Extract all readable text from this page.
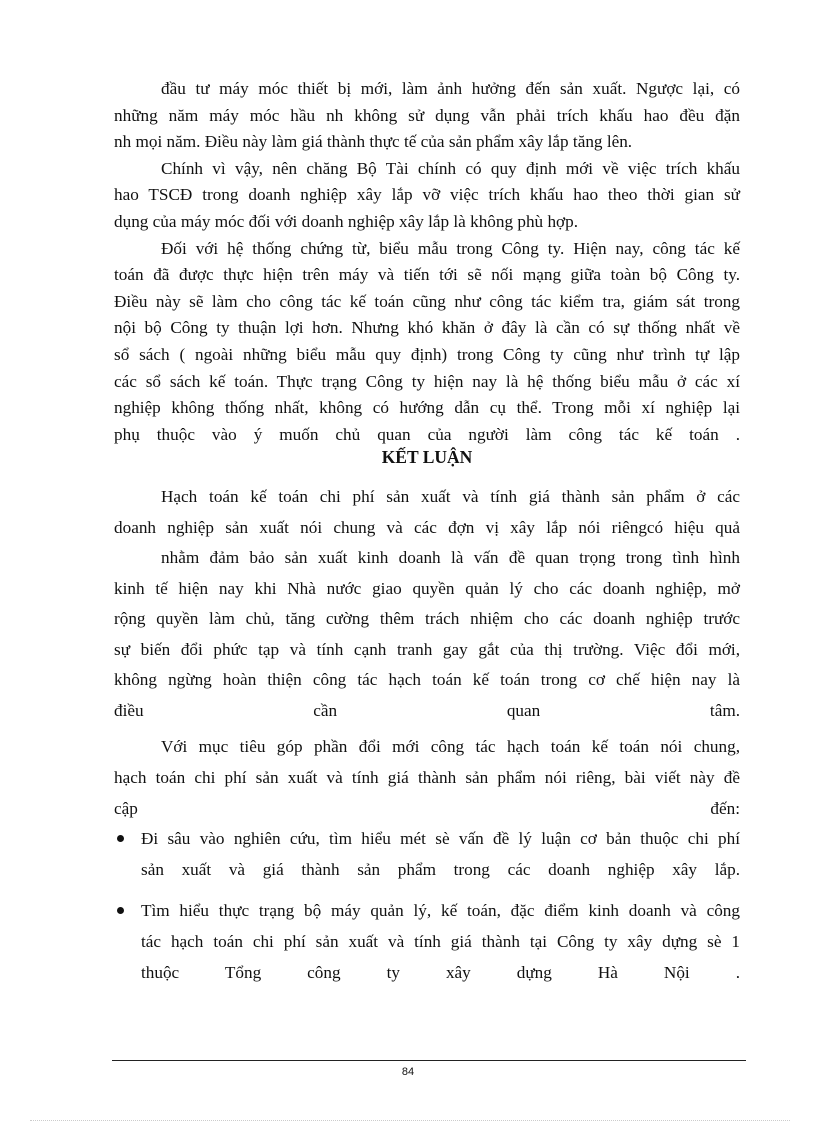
đầu tư máy móc thiết bị mới, làm ảnh hưởng đến sản xuất. Ngược lại, có
những năm máy móc hầu nh không sử dụng vẫn phải trích khấu hao đều đặn
nh mọi năm. Điều này làm giá thành thực tế của sản phẩm xây lắp tăng lên.
Chính vì vậy, nên chăng Bộ Tài chính có quy định mới về việc trích khấu
hao TSCĐ trong doanh nghiệp xây lắp vỡ việc trích khấu hao theo thời gian sử
dụng của máy móc đối với doanh nghiệp xây lắp là không phù hợp.
Đối với hệ thống chứng từ, biểu mẫu trong Công ty. Hiện nay, công tác kế
toán đã được thực hiện trên máy và tiến tới sẽ nối mạng giữa toàn bộ Công ty.
Điều này sẽ làm cho công tác kế toán cũng như công tác kiểm tra, giám sát trong
nội bộ Công ty thuận lợi hơn. Nhưng khó khăn ở đây là cần có sự thống nhất về
sổ sách ( ngoài những biểu mẫu quy định) trong Công ty cũng như trình tự lập
các sổ sách kế toán. Thực trạng Công ty hiện nay là hệ thống biểu mẫu ở các xí
nghiệp không thống nhất, không có hướng dẫn cụ thể. Trong mỗi xí nghiệp lại
phụ thuộc vào ý muốn chủ quan của người làm công tác kế toán .
KẾT LUẬN
Hạch toán kế toán chi phí sản xuất và tính giá thành sản phẩm ở các
doanh nghiệp sản xuất nói chung và các đợn vị xây lắp nói riêngcó hiệu quả
nhằm đảm bảo sản xuất kinh doanh là vấn đề quan trọng trong tình hình
kinh tế hiện nay khi Nhà nước giao quyền quản lý cho các doanh nghiệp, mở
rộng quyền làm chủ, tăng cường thêm trách nhiệm cho các doanh nghiệp trước
sự biến đổi phức tạp và tính cạnh tranh gay gắt của thị trường. Việc đổi mới,
không ngừng hoàn thiện công tác hạch toán kế toán trong cơ chế hiện nay là
điều cần quan tâm.
Với mục tiêu góp phần đổi mới công tác hạch toán kế toán nói chung,
hạch toán chi phí sản xuất và tính giá thành sản phẩm nói riêng, bài viết này đề
cập                                                                                                         đến:
Đi sâu vào nghiên cứu, tìm hiểu mét sè vấn đề lý luận cơ bản thuộc chi phí
sản xuất và giá thành sản phẩm trong các doanh nghiệp xây lắp.
Tìm hiểu thực trạng bộ máy quản lý, kế toán, đặc điểm kinh doanh và công
tác hạch toán chi phí sản xuất và tính giá thành tại Công ty xây dựng sè 1
thuộc Tổng công ty xây dựng Hà Nội .
84
